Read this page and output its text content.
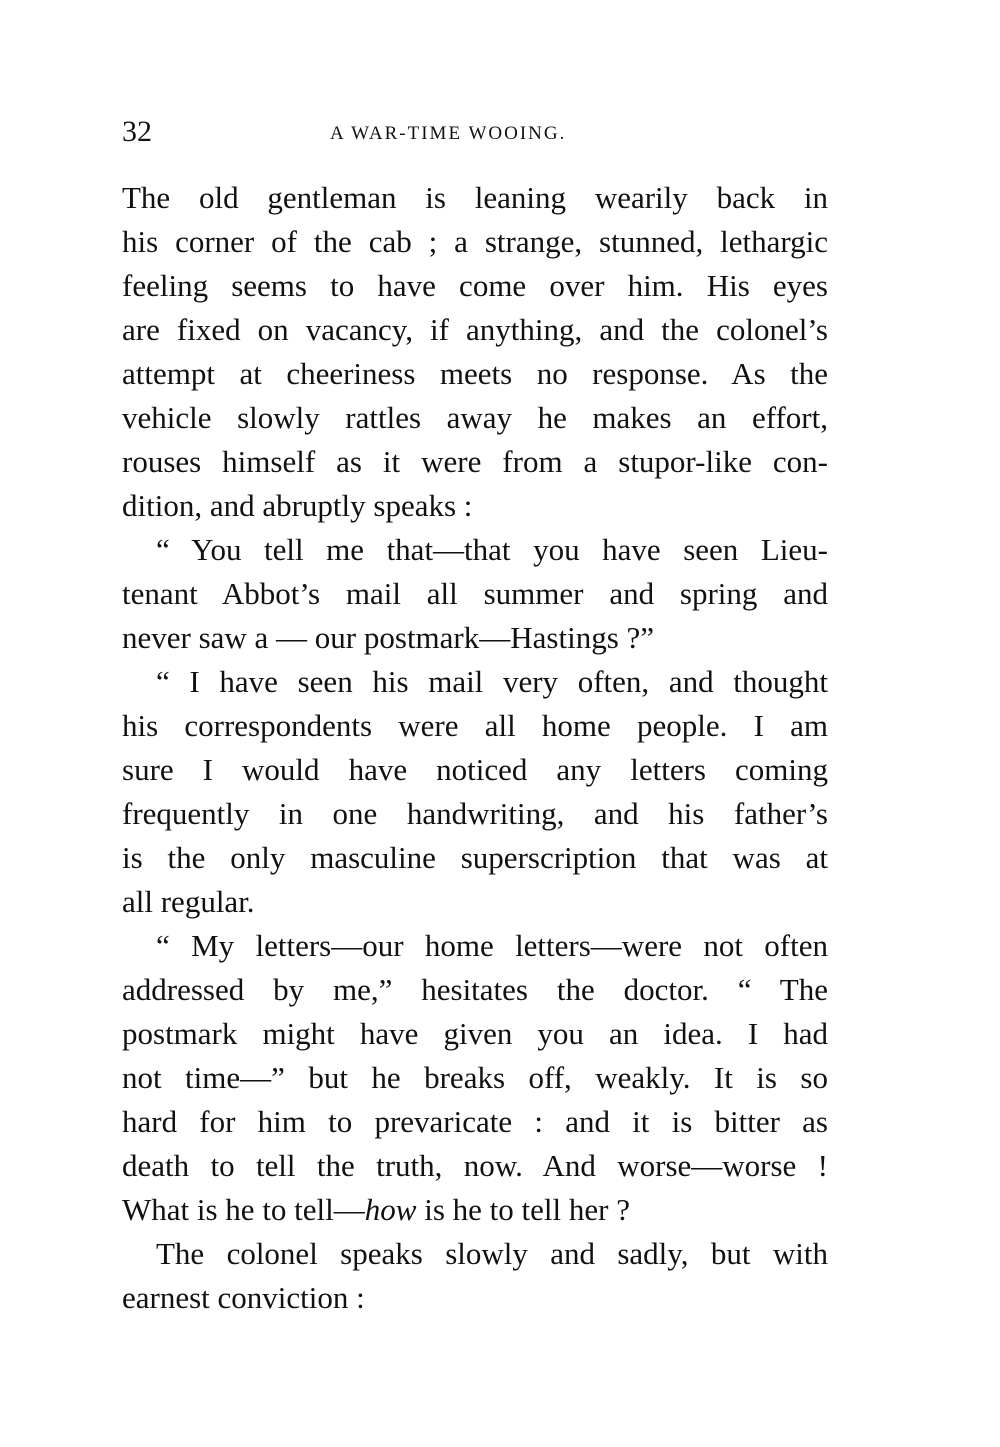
32	A WAR-TIME WOOING.
The old gentleman is leaning wearily back in
his corner of the cab ; a strange, stunned, lethargic
feeling seems to have come over him. His eyes
are fixed on vacancy, if anything, and the colonel’s
attempt at cheeriness meets no response. As the
vehicle slowly rattles away he makes an effort,
rouses himself as it were from a stupor-like con-
dition, and abruptly speaks :
“ You tell me that—that you have seen Lieu-
tenant Abbot’s mail all summer and spring and
never saw a — our postmark—Hastings ?”
“ I have seen his mail very often, and thought
his correspondents were all home people. I am
sure I would have noticed any letters coming
frequently in one handwriting, and his father’s
is the only masculine superscription that was at
all regular.
“ My letters—our home letters—were not often
addressed by me,” hesitates the doctor. “ The
postmark might have given you an idea. I had
not time—” but he breaks off, weakly. It is so
hard for him to prevaricate : and it is bitter as
death to tell the truth, now. And worse—worse !
What is he to tell—how is he to tell her ?
The colonel speaks slowly and sadly, but with
earnest conviction :
